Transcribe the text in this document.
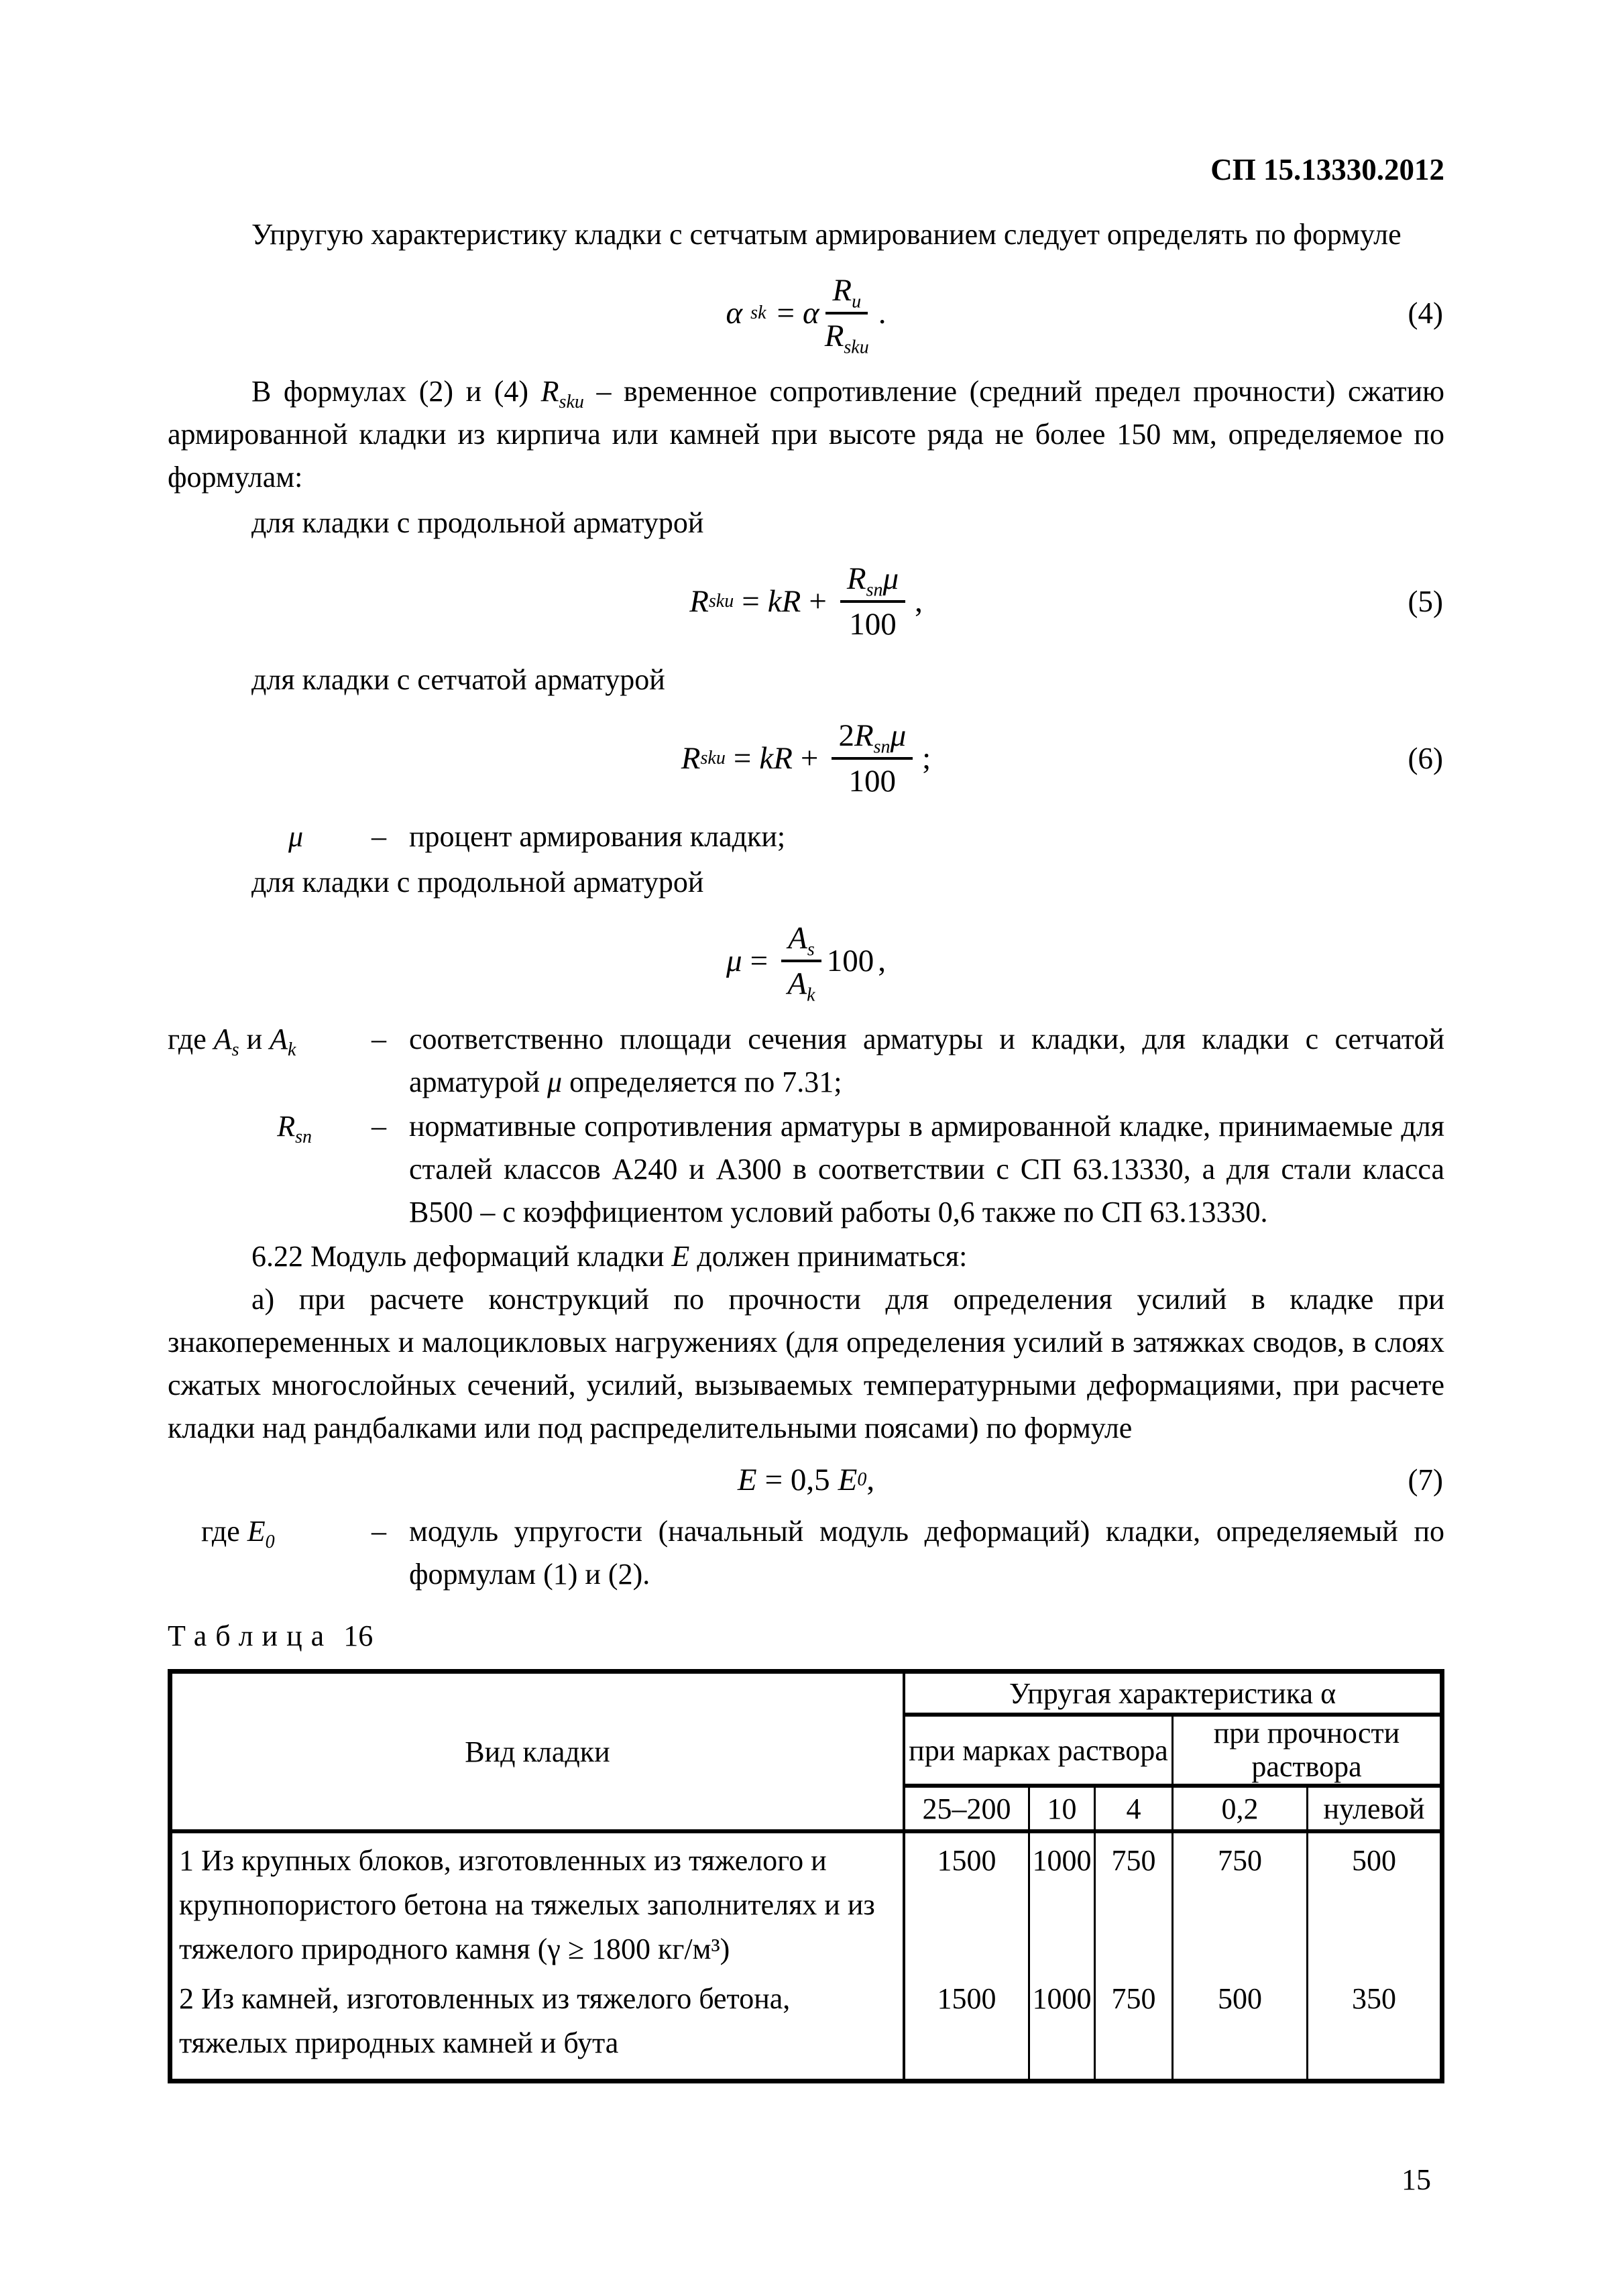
СП 15.13330.2012

Упругую характеристику кладки с сетчатым армированием следует определять по формуле

α sk = α $\frac{R_u}{R_{sku}}$ .	(4)

В формулах (2) и (4) $R_{sku}$ – временное сопротивление (средний предел прочности) сжатию армированной кладки из кирпича или камней при высоте ряда не более 150 мм, определяемое по формулам:

для кладки с продольной арматурой
R sku = kR + $\frac{R_{sn}\mu}{100}$ ,	(5)
для кладки с сетчатой арматурой
R sku = kR + $\frac{2R_{sn}\mu}{100}$ ;	(6)
μ	– процент армирования кладки;
для кладки с продольной арматурой
$\mu = \frac{A_s}{A_k} 100$ ,
где $A_s$ и $A_k$	– соответственно площади сечения арматуры и кладки, для кладки с сетчатой арматурой μ определяется по 7.31;
$R_{sn}$	– нормативные сопротивления арматуры в армированной кладке, принимаемые для сталей классов А240 и А300 в соответствии с СП 63.13330, а для стали класса В500 – с коэффициентом условий работы 0,6 также по СП 63.13330.

6.22 Модуль деформаций кладки Е должен приниматься:

а) при расчете конструкций по прочности для определения усилий в кладке при знакопеременных и малоцикловых нагружениях (для определения усилий в затяжках сводов, в слоях сжатых многослойных сечений, усилий, вызываемых температурными деформациями, при расчете кладки над рандбалками или под распределительными поясами) по формуле

E = 0,5 E 0 ,	(7)
где $E_0$	– модуль упругости (начальный модуль деформаций) кладки, определяемый по формулам (1) и (2).
Таблица 16
Вид кладки
Упругая характеристика α
при марках раствора
при прочности раствора
25–200	10	4	0,2	нулевой
1 Из крупных блоков, изготовленных из тяжелого и крупнопористого бетона на тяжелых заполнителях и из тяжелого природного камня (γ ≥ 1800 кг/м³)
1500	1000 750	750	500
2 Из камней, изготовленных из тяжелого бетона, тяжелых природных камней и бута
1500	1000 750	500	350
15
